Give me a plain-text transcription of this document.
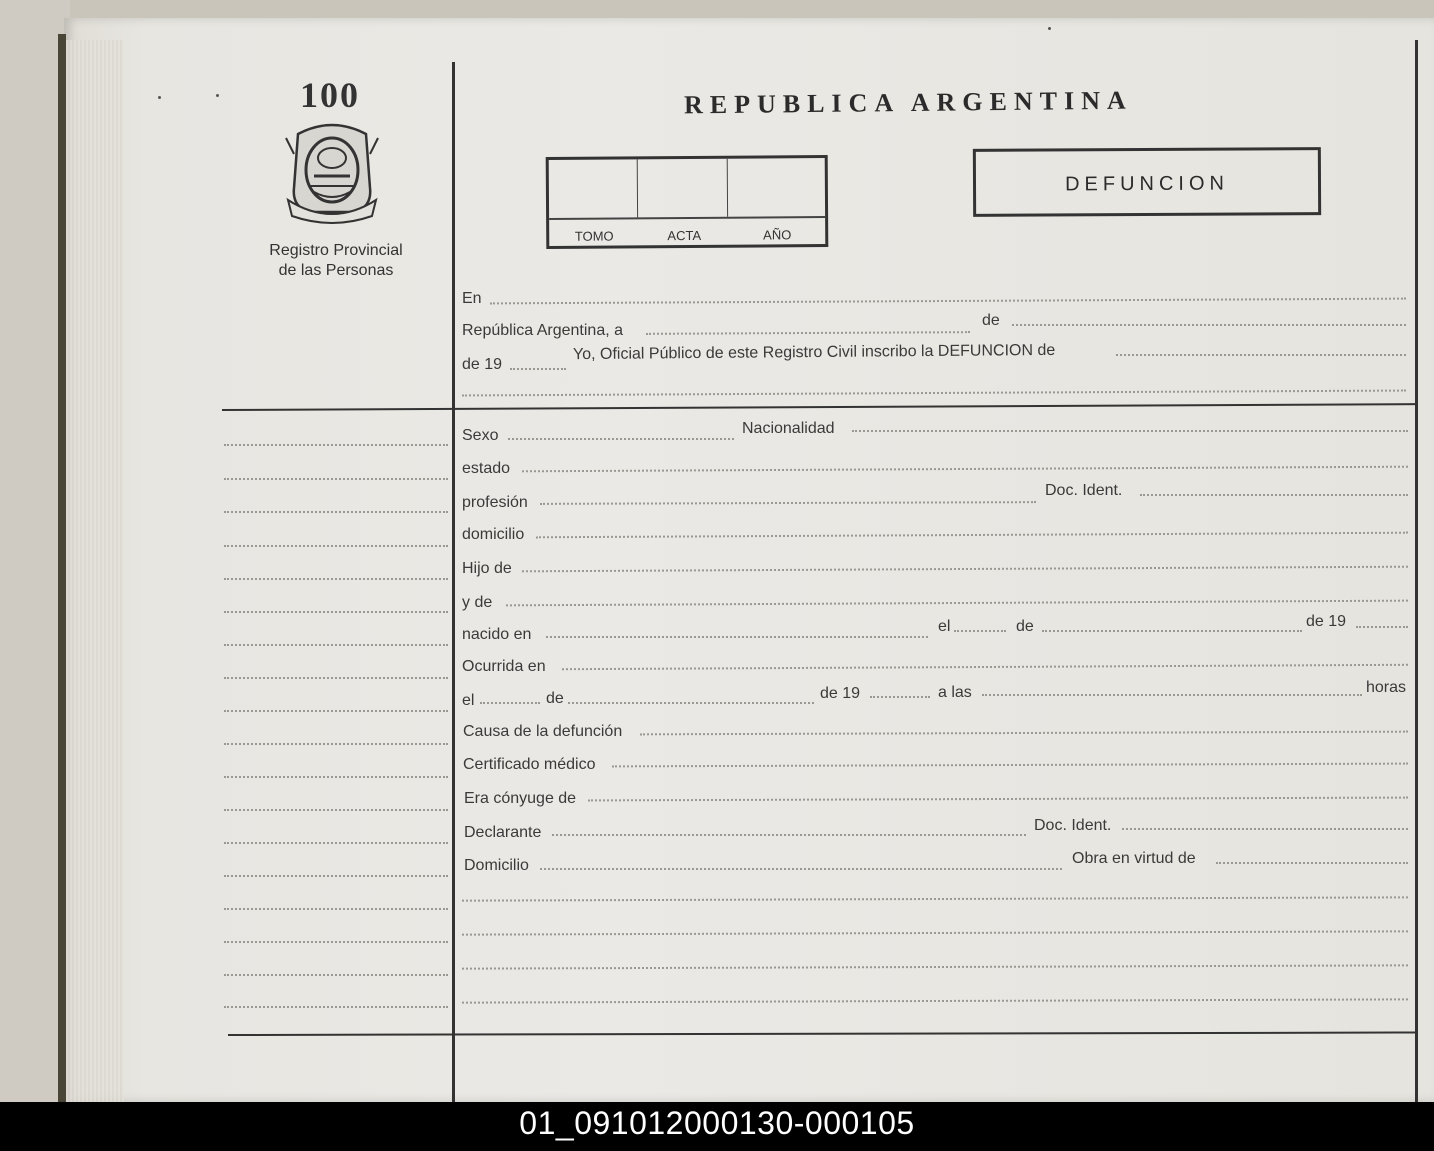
100
Registro Provincial
de las Personas
REPUBLICA ARGENTINA
TOMO	ACTA	AÑO
DEFUNCION
En
República Argentina, a
de
de 19
Yo, Oficial Público de este Registro Civil inscribo la DEFUNCION de
Sexo	Nacionalidad
estado
profesión
Doc. Ident.
domicilio
Hijo de
y de
nacido en	el	de	de 19
Ocurrida en
el	de	de 19	a las	horas
Causa de la defunción
Certificado médico
Era cónyuge de
Declarante	Doc. Ident.
Domicilio	Obra en virtud de
01_091012000130-000105
